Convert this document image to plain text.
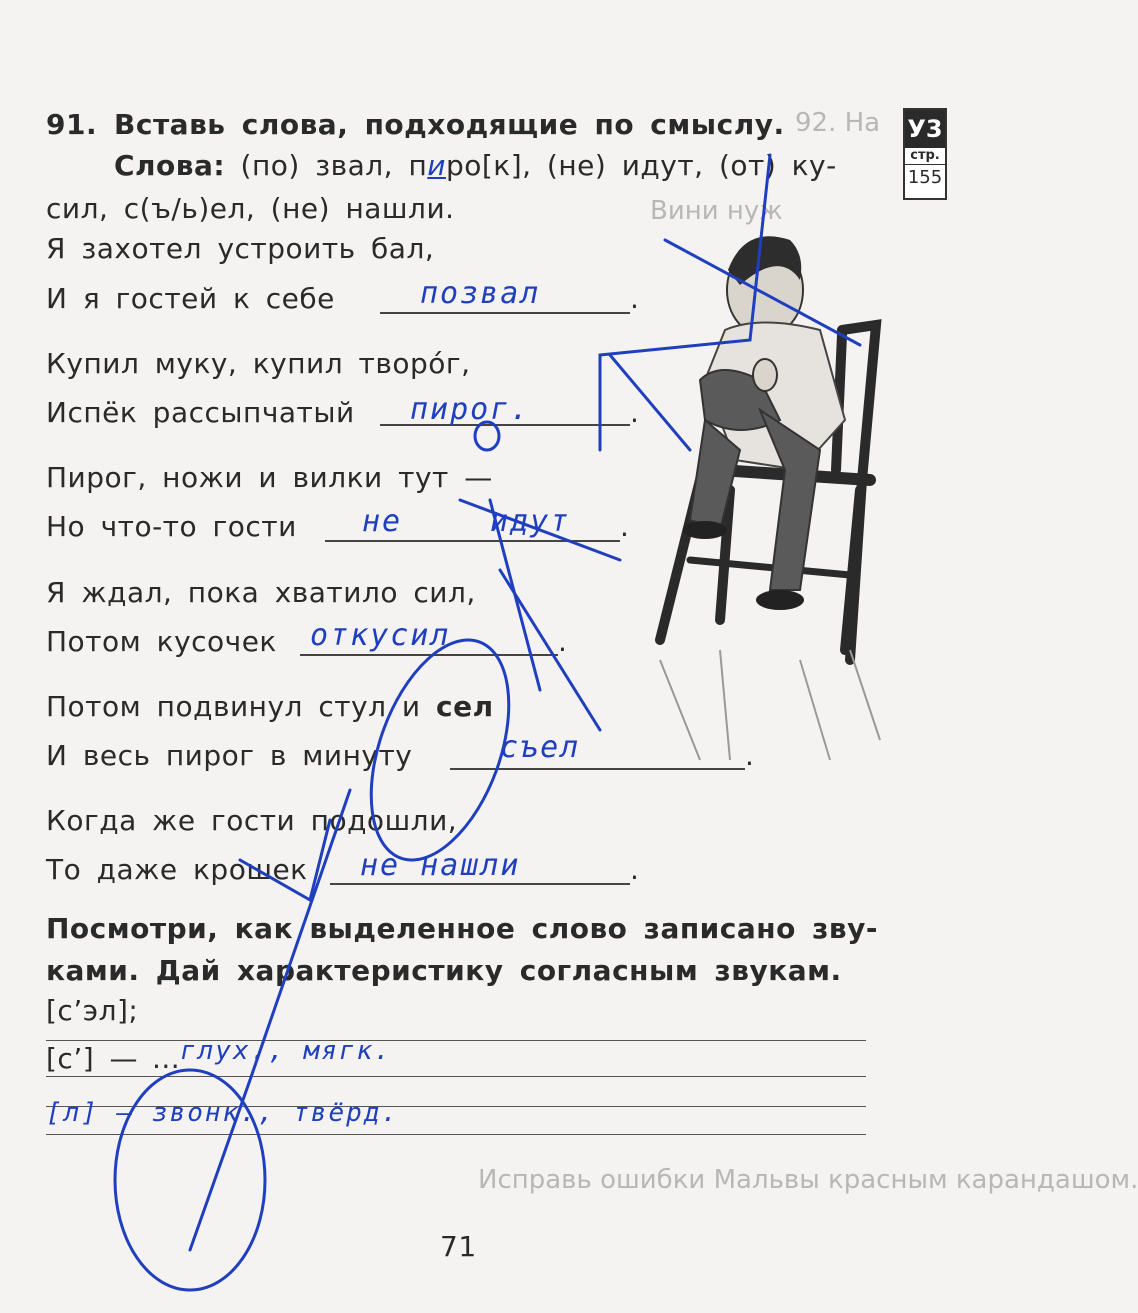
92. На
Вини нуж
Исправь ошибки Мальвы красным карандашом.
У3
стр.
155
91. Вставь слова, подходящие по смыслу.
Слова: (по) звал, пиро[к], (не) идут, (от) ку-
сил, с(ъ/ь)ел, (не) нашли.
Я захотел устроить бал,
И я гостей к себе	.
позвал
Купил муку, купил творо́г,
Испёк рассыпчатый	.
пирог.
Пирог, ножи и вилки тут —
Но что-то гости	.
не	идут
Я ждал, пока хватило сил,
Потом кусочек	.
откусил
Потом подвинул стул и сел
И весь пирог в минуту	.
съел
Когда же гости подошли,
То даже крошек	.
не нашли
Посмотри, как выделенное слово записано зву-
ками. Дай характеристику согласным звукам.
[с’эл];
[с’] — ... глух., мягк.
[л] – звонк., твёрд.
71
